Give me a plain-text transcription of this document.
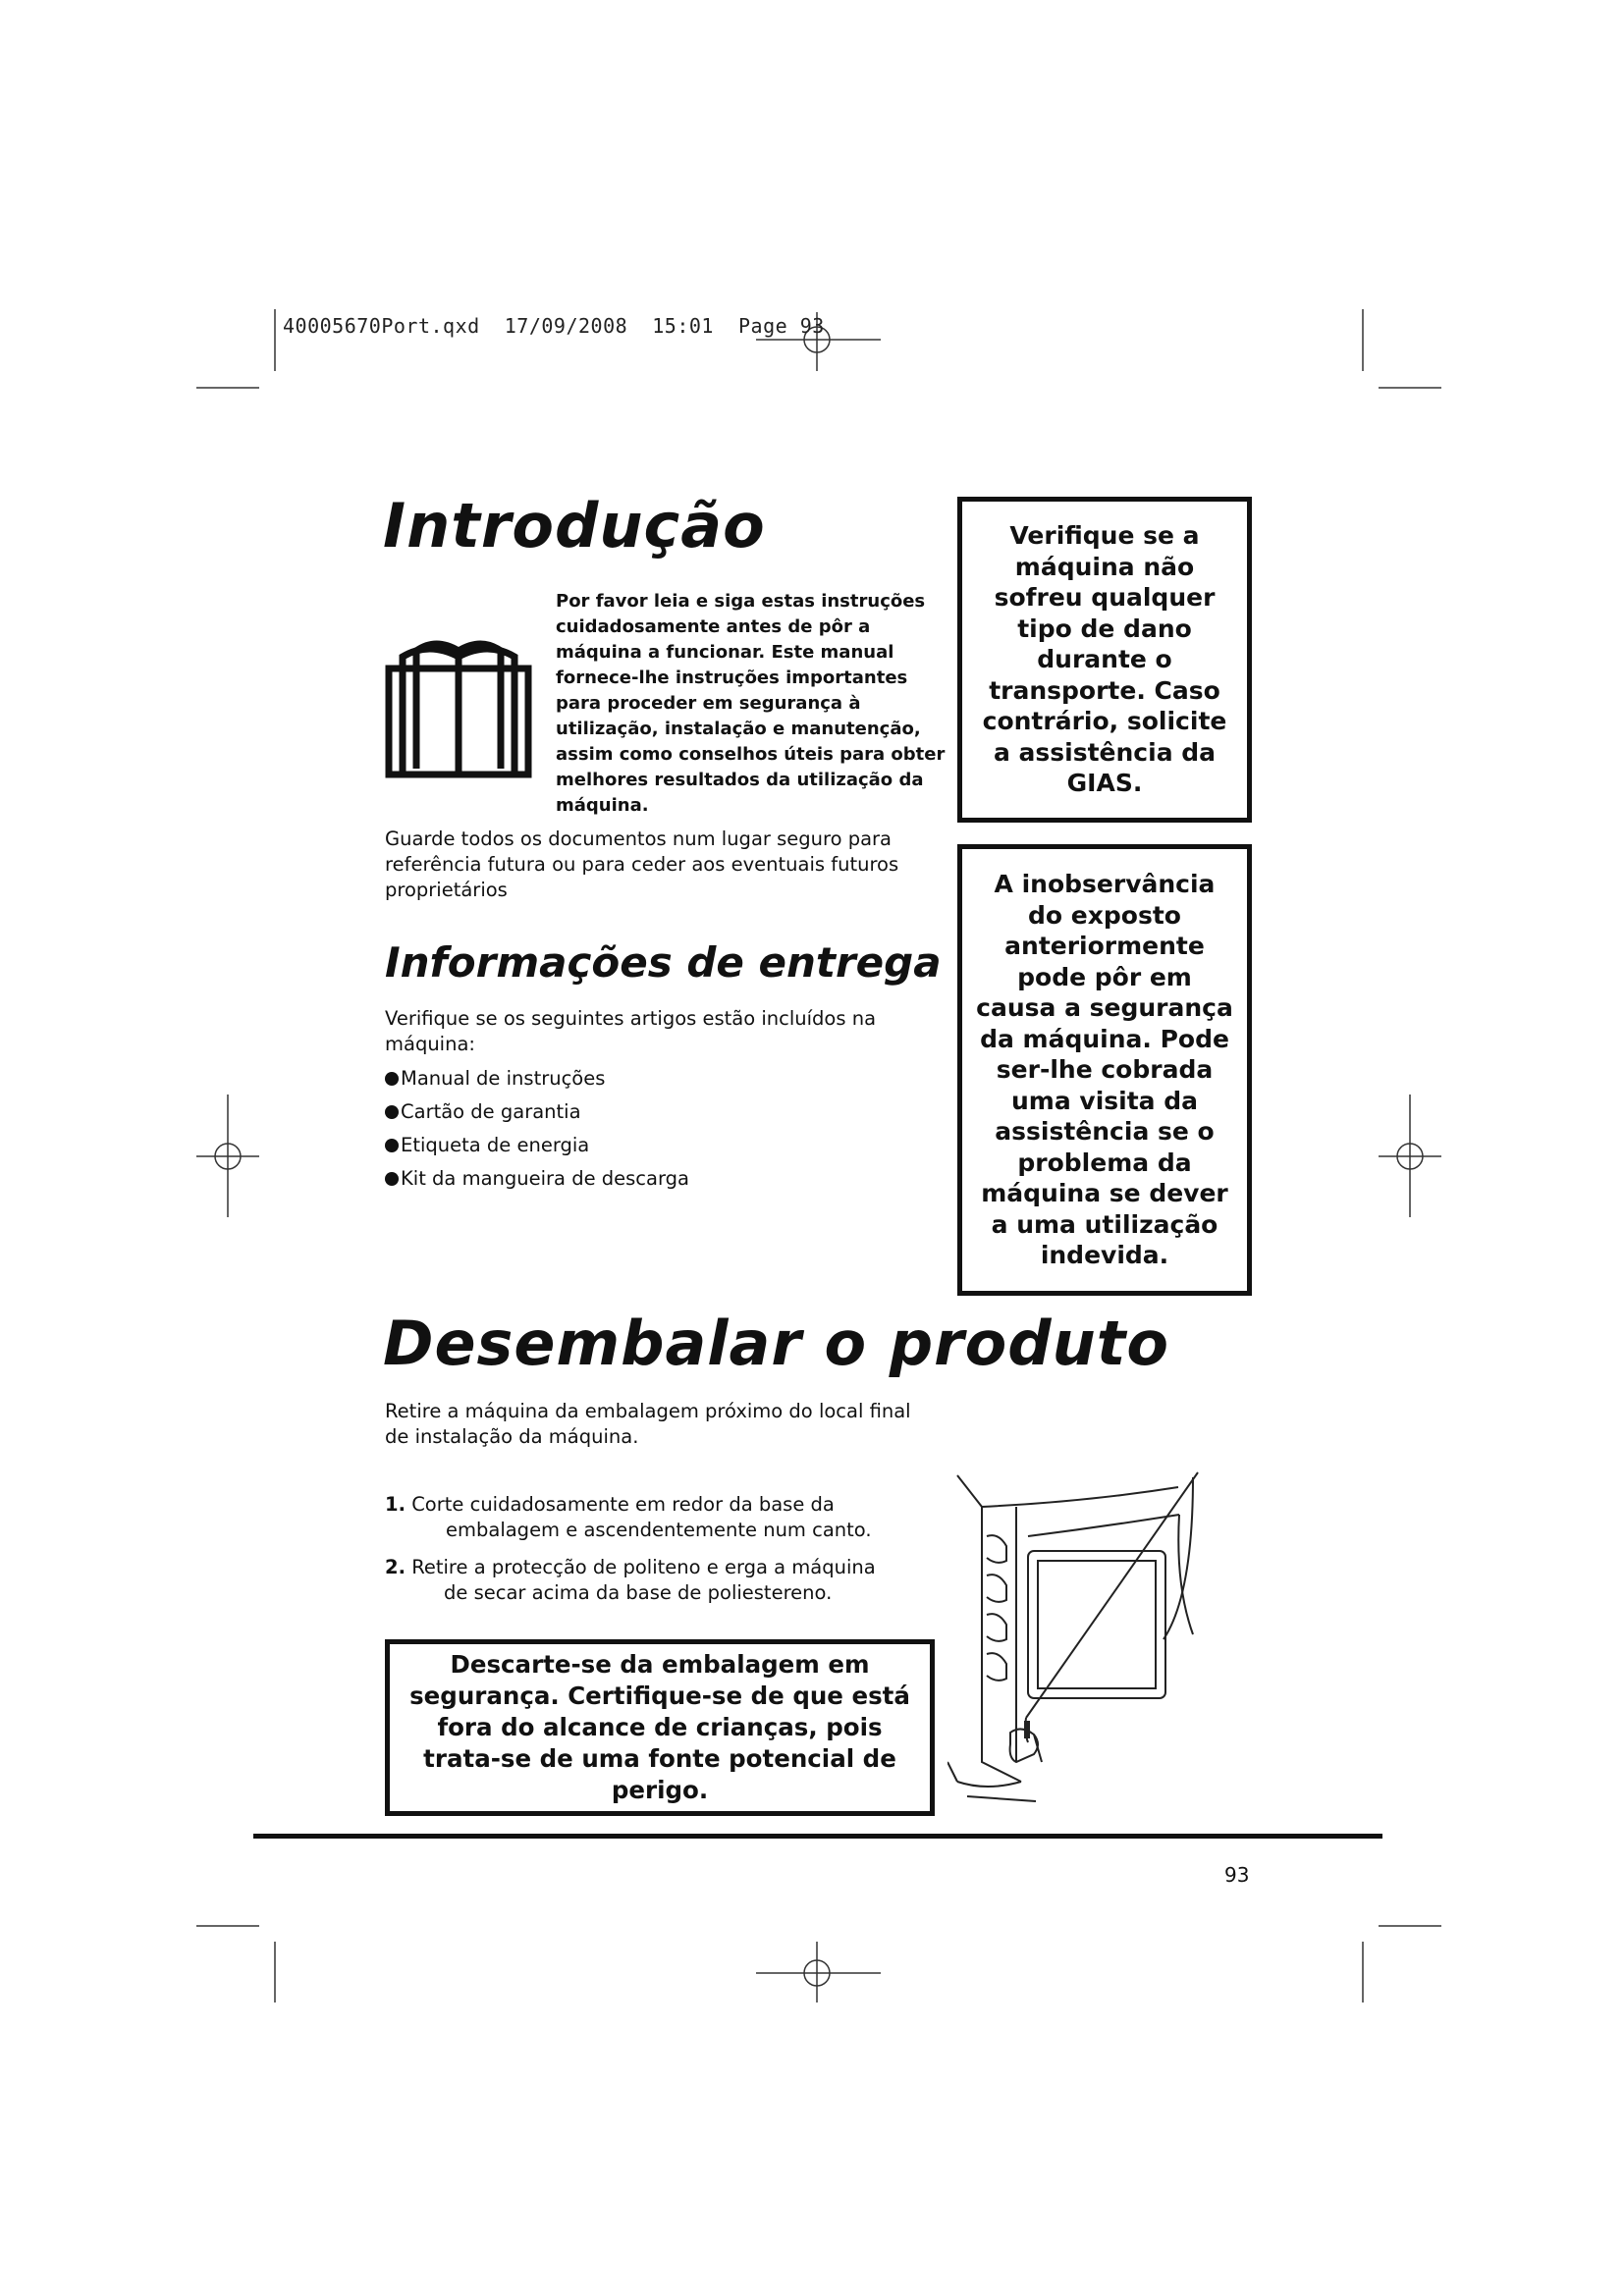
40005670Port.qxd  17/09/2008  15:01  Page 93
Introdução
Por favor leia e siga estas instruções cuidadosamente antes de pôr a máquina a funcionar. Este manual fornece-lhe instruções importantes para proceder em segurança à utilização, instalação e manutenção, assim como conselhos úteis para obter melhores resultados da utilização da máquina.
Guarde todos os documentos num lugar seguro para referência futura ou para ceder aos eventuais futuros proprietários
Informações de entrega
Verifique se os seguintes artigos estão incluídos na máquina:
Manual de instruções
Cartão de garantia
Etiqueta de energia
Kit da mangueira de descarga
Verifique se a máquina não sofreu qualquer tipo de dano durante o transporte. Caso contrário, solicite a assistência da GIAS.
A inobservância do exposto anteriormente pode pôr em causa a segurança da máquina. Pode ser-lhe cobrada uma visita da assistência se o problema da máquina se dever a uma utilização indevida.
Desembalar o produto
Retire a máquina da embalagem próximo do local final de instalação da máquina.

1. Corte cuidadosamente em redor da base da
embalagem e ascendentemente num canto.

2. Retire a protecção de politeno e erga a máquina
de secar acima da base de poliestereno.

Descarte-se da embalagem em segurança. Certifique-se de que está fora do alcance de crianças, pois trata-se de uma fonte potencial de perigo.
93
